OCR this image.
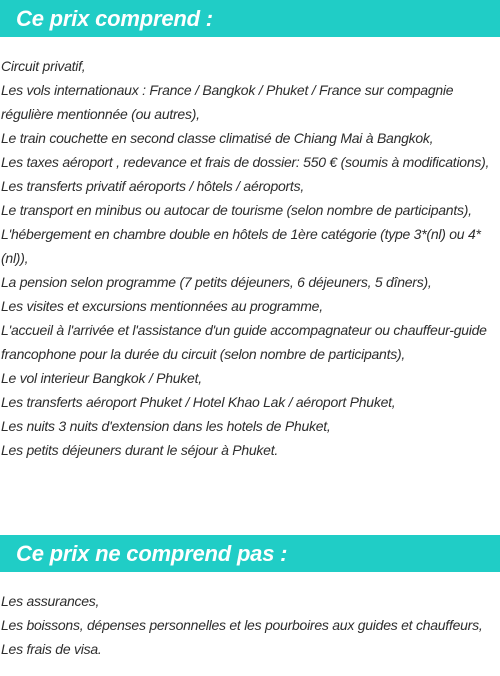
Ce prix comprend :
Circuit privatif,
Les vols internationaux : France / Bangkok / Phuket / France sur compagnie régulière mentionnée (ou autres),
Le train couchette en second classe climatisé de Chiang Mai à Bangkok,
Les taxes aéroport , redevance et frais de dossier: 550 € (soumis à modifications),
Les transferts privatif aéroports / hôtels / aéroports,
Le transport en minibus ou autocar de tourisme (selon nombre de participants),
L'hébergement en chambre double en hôtels de 1ère catégorie (type 3*(nl) ou 4*(nl)),
La pension selon programme (7 petits déjeuners, 6 déjeuners, 5 dîners),
Les visites et excursions mentionnées au programme,
L'accueil à l'arrivée et l'assistance d'un guide accompagnateur ou chauffeur-guide francophone pour la durée du circuit (selon nombre de participants),
Le vol interieur Bangkok / Phuket,
Les transferts aéroport Phuket / Hotel Khao Lak / aéroport Phuket,
Les nuits 3 nuits d'extension dans les hotels de Phuket,
Les petits déjeuners durant le séjour à Phuket.
Ce prix ne comprend pas :
Les assurances,
Les boissons, dépenses personnelles et les pourboires aux guides et chauffeurs,
Les frais de visa.
